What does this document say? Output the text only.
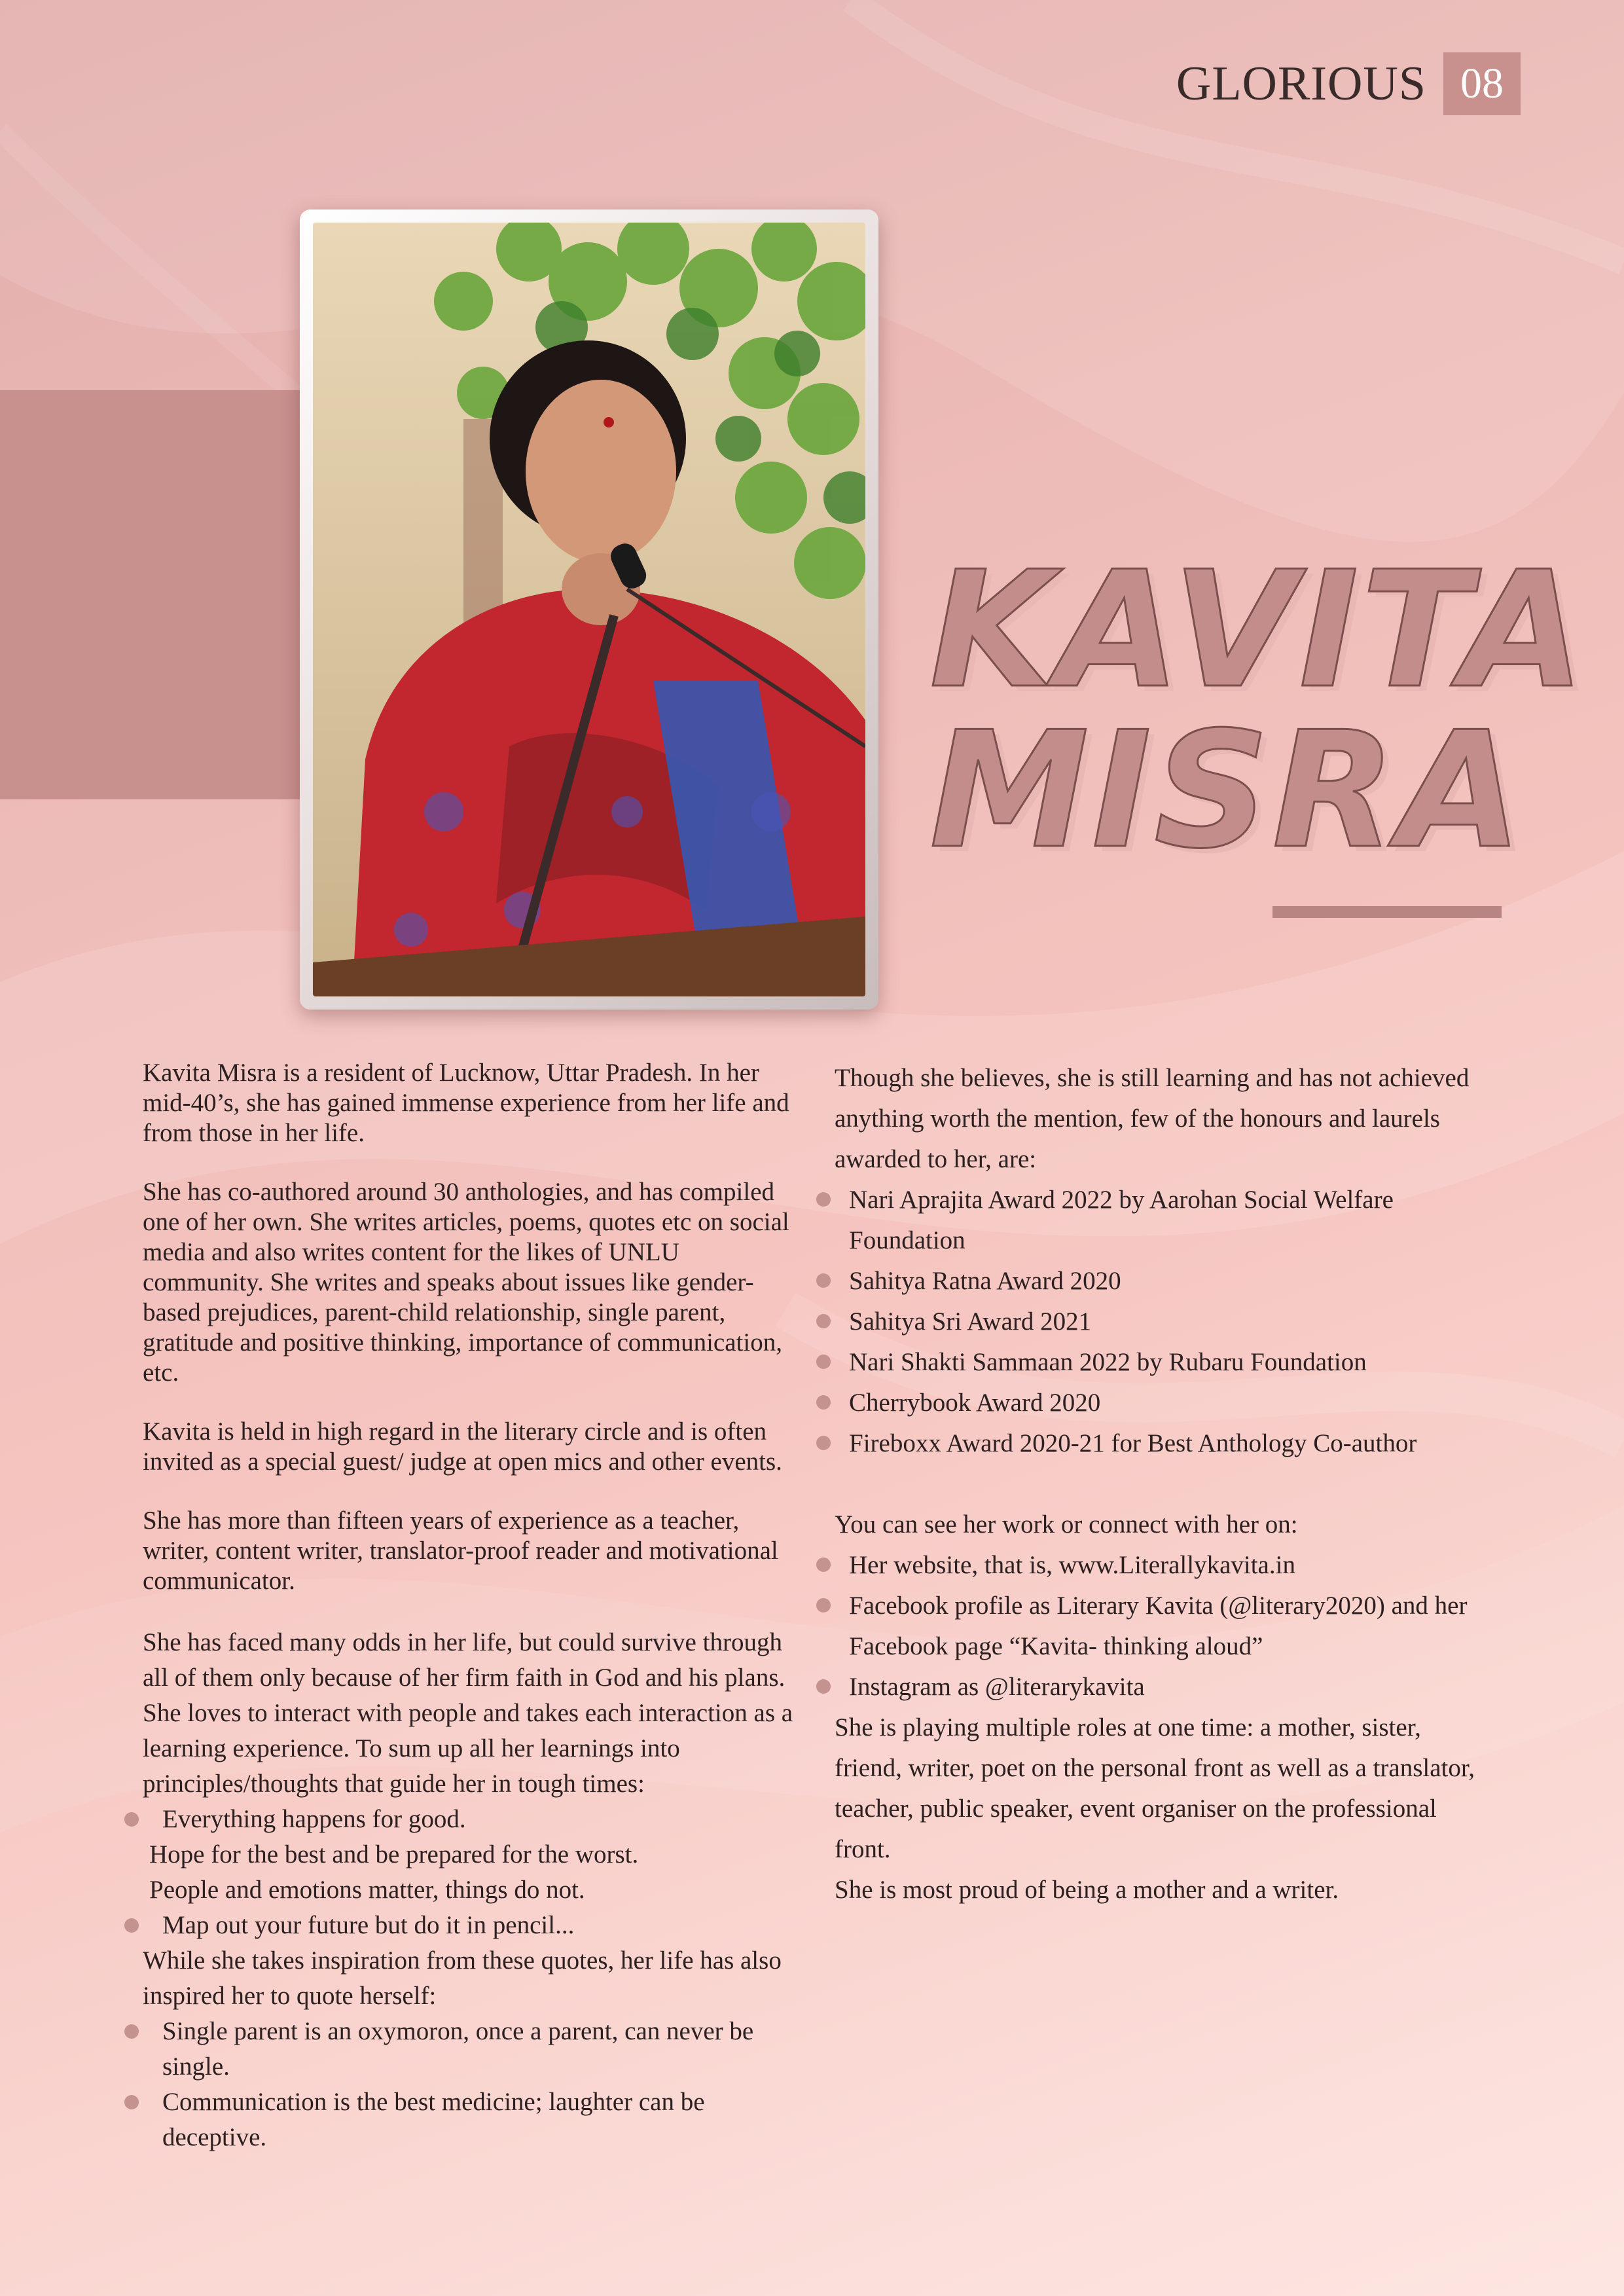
GLORIOUS 08
KAVITA
MISRA

Kavita Misra is a resident of Lucknow, Uttar Pradesh. In her mid-40’s, she has gained immense experience from her life and from those in her life.

She has co-authored around 30 anthologies, and has compiled one of her own. She writes articles, poems, quotes etc on social media and also writes content for the likes of UNLU community. She writes and speaks about issues like gender-based prejudices, parent-child relationship, single parent, gratitude and positive thinking, importance of communication, etc.

Kavita is held in high regard in the literary circle and is often invited as a special guest/ judge at open mics and other events.

She has more than fifteen years of experience as a teacher, writer, content writer, translator-proof reader and motivational communicator.

She has faced many odds in her life, but could survive through all of them only because of her firm faith in God and his plans. She loves to interact with people and takes each interaction as a learning experience. To sum up all her learnings into principles/thoughts that guide her in tough times:

Everything happens for good.

Hope for the best and be prepared for the worst.

People and emotions matter, things do not.

Map out your future but do it in pencil...

While she takes inspiration from these quotes, her life has also inspired her to quote herself:

Single parent is an oxymoron, once a parent, can never be single.
Communication is the best medicine; laughter can be deceptive.

Though she believes, she is still learning and has not achieved anything worth the mention, few of the honours and laurels awarded to her, are:

Nari Aprajita Award 2022 by Aarohan Social Welfare Foundation
Sahitya Ratna Award 2020
Sahitya Sri Award 2021
Nari Shakti Sammaan 2022 by Rubaru Foundation
Cherrybook Award 2020
Fireboxx Award 2020-21 for Best Anthology Co-author

You can see her work or connect with her on:

Her website, that is, www.Literallykavita.in
Facebook profile as Literary Kavita (@literary2020) and her Facebook page “Kavita- thinking aloud”
Instagram as @literarykavita

She is playing multiple roles at one time: a mother, sister, friend, writer, poet on the personal front as well as a translator, teacher, public speaker, event organiser on the professional front.

She is most proud of being a mother and a writer.
